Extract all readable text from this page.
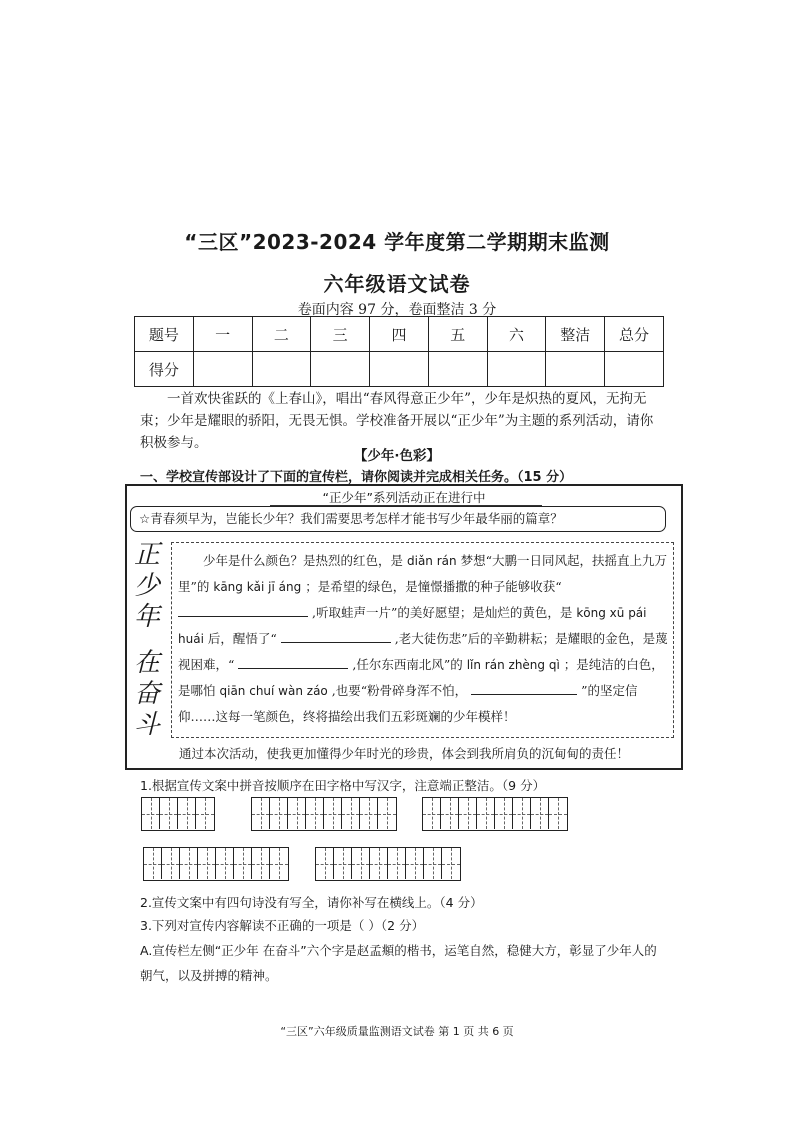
“三区”2023-2024 学年度第二学期期末监测
六年级语文试卷
卷面内容 97 分，卷面整洁 3 分
题号	一	二	三	四	五	六	整洁	总分
得分								
一首欢快雀跃的《上春山》，唱出“春风得意正少年”，少年是炽热的夏风，无拘无束；少年是耀眼的骄阳，无畏无惧。学校准备开展以“正少年”为主题的系列活动，请你积极参与。
【少年·色彩】
一、学校宣传部设计了下面的宣传栏，请你阅读并完成相关任务。（15 分）
“正少年”系列活动正在进行中
☆青春须早为，岂能长少年？我们需要思考怎样才能书写少年最华丽的篇章？
正
少
年
在
奋
斗

少年是什么颜色？是热烈的红色，是 diǎn rán 梦想“大鹏一日同风起，扶摇直上九万里”的 kāng kǎi jī áng ；是希望的绿色，是憧憬播撒的种子能够收获“  ,听取蛙声一片”的美好愿望；是灿烂的黄色，是 kōng xū pái huái 后，醒悟了“	,老大徒伤悲”后的辛勤耕耘；是耀眼的金色，是蔑视困难，“	,任尔东西南北风”的 lǐn rán zhèng qì ；是纯洁的白色，是哪怕 qiān chuí wàn záo ,也要“粉骨碎身浑不怕，	”的坚定信仰……这每一笔颜色，终将描绘出我们五彩斑斓的少年模样！

通过本次活动，使我更加懂得少年时光的珍贵，体会到我所肩负的沉甸甸的责任！
1.根据宣传文案中拼音按顺序在田字格中写汉字，注意端正整洁。（9 分）
2.宣传文案中有四句诗没有写全，请你补写在横线上。（4 分）
3.下列对宣传内容解读不正确的一项是（ ）（2 分）
A.宣传栏左侧“正少年 在奋斗”六个字是赵孟頫的楷书，运笔自然，稳健大方，彰显了少年人的朝气，以及拼搏的精神。
“三区”六年级质量监测语文试卷 第 1 页 共 6 页
